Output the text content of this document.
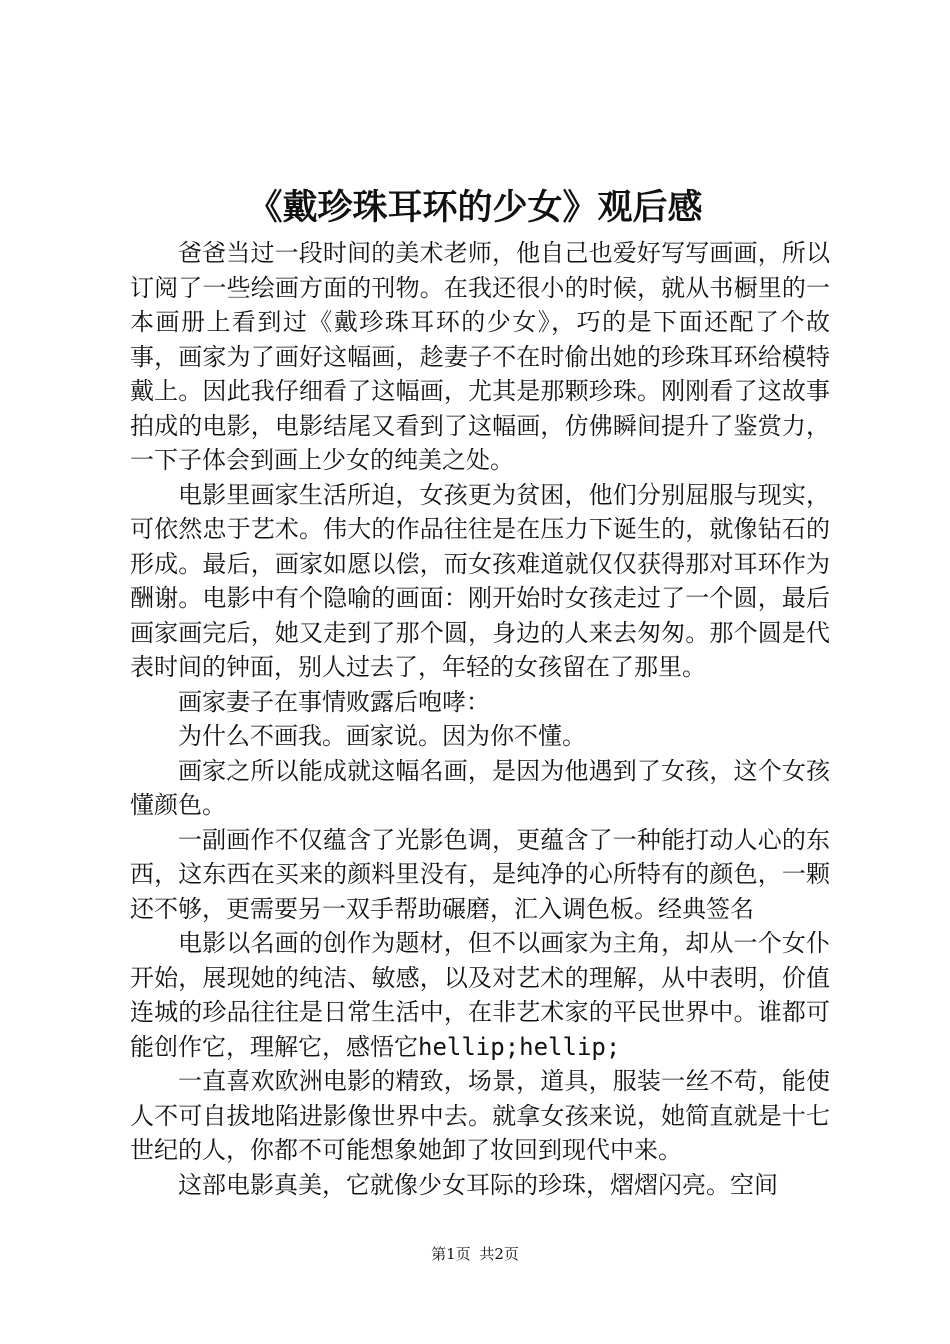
《戴珍珠耳环的少女》观后感

爸爸当过一段时间的美术老师，他自己也爱好写写画画，所以订阅了一些绘画方面的刊物。在我还很小的时候，就从书橱里的一本画册上看到过《戴珍珠耳环的少女》，巧的是下面还配了个故事，画家为了画好这幅画，趁妻子不在时偷出她的珍珠耳环给模特戴上。因此我仔细看了这幅画，尤其是那颗珍珠。刚刚看了这故事拍成的电影，电影结尾又看到了这幅画，仿佛瞬间提升了鉴赏力，一下子体会到画上少女的纯美之处。

电影里画家生活所迫，女孩更为贫困，他们分别屈服与现实，可依然忠于艺术。伟大的作品往往是在压力下诞生的，就像钻石的形成。最后，画家如愿以偿，而女孩难道就仅仅获得那对耳环作为酬谢。电影中有个隐喻的画面：刚开始时女孩走过了一个圆，最后画家画完后，她又走到了那个圆，身边的人来去匆匆。那个圆是代表时间的钟面，别人过去了，年轻的女孩留在了那里。

画家妻子在事情败露后咆哮：

为什么不画我。画家说。因为你不懂。

画家之所以能成就这幅名画，是因为他遇到了女孩，这个女孩懂颜色。

一副画作不仅蕴含了光影色调，更蕴含了一种能打动人心的东西，这东西在买来的颜料里没有，是纯净的心所特有的颜色，一颗还不够，更需要另一双手帮助碾磨，汇入调色板。经典签名

电影以名画的创作为题材，但不以画家为主角，却从一个女仆开始，展现她的纯洁、敏感，以及对艺术的理解，从中表明，价值连城的珍品往往是日常生活中，在非艺术家的平民世界中。谁都可能创作它，理解它，感悟它hellip;hellip;

一直喜欢欧洲电影的精致，场景，道具，服装一丝不苟，能使人不可自拔地陷进影像世界中去。就拿女孩来说，她简直就是十七世纪的人，你都不可能想象她卸了妆回到现代中来。

这部电影真美，它就像少女耳际的珍珠，熠熠闪亮。空间

第1页 共2页
